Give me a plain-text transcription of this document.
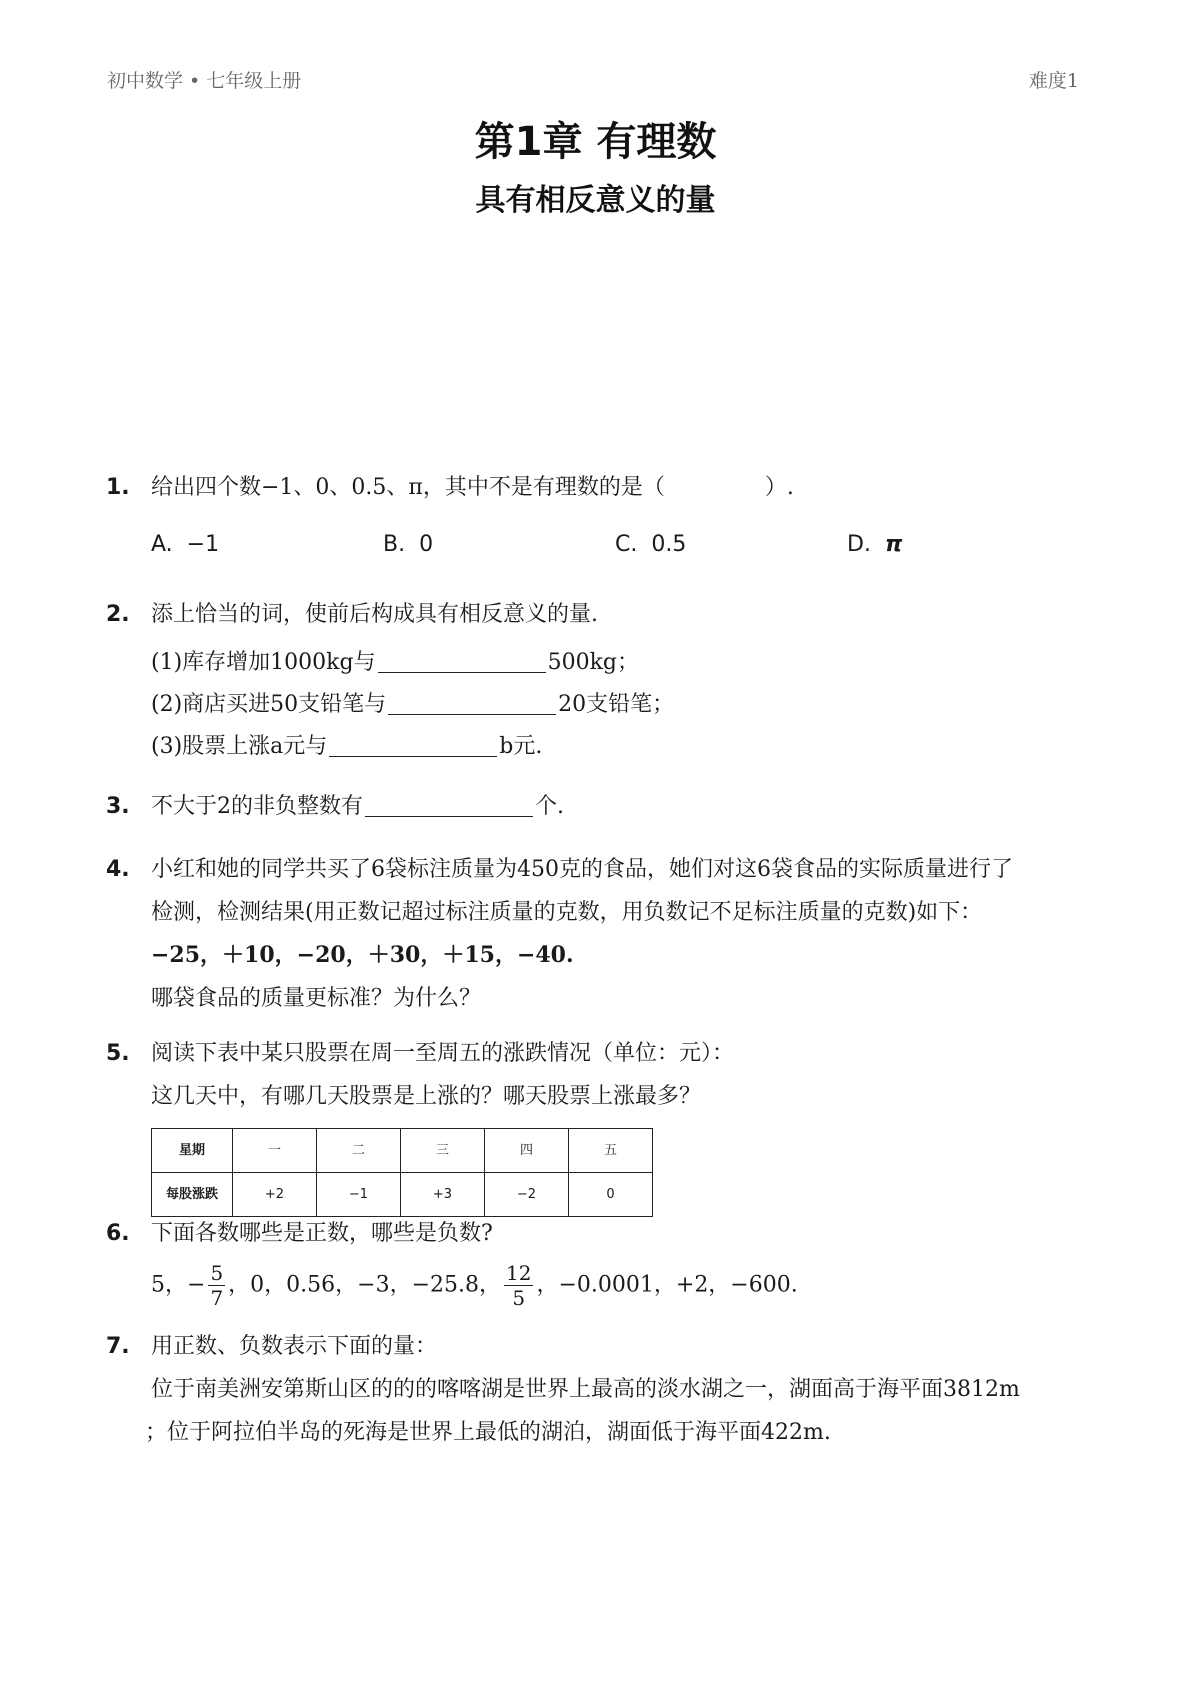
初中数学 • 七年级上册	难度1
第1章 有理数
具有相反意义的量
1. 给出四个数−1、0、0.5、π，其中不是有理数的是（	）.
A. −1	B. 0	C. 0.5	D. π
2. 添上恰当的词，使前后构成具有相反意义的量.
(1)库存增加1000kg与	500kg；
(2)商店买进50支铅笔与	20支铅笔；
(3)股票上涨a元与	b元.
3. 不大于2的非负整数有	个.
4. 小红和她的同学共买了6袋标注质量为450克的食品，她们对这6袋食品的实际质量进行了
检测，检测结果(用正数记超过标注质量的克数，用负数记不足标注质量的克数)如下：
−25，＋10，−20，＋30，＋15，−40.
哪袋食品的质量更标准？为什么？
5. 阅读下表中某只股票在周一至周五的涨跌情况（单位：元）：
这几天中，有哪几天股票是上涨的？哪天股票上涨最多？
星期	一	二	三	四	五
每股涨跌	+2	−1	+3	−2	0
6. 下面各数哪些是正数，哪些是负数?
5，− $\frac{5}{7}$ ，0，0.56，−3，−25.8， $\frac{12}{5}$ ，−0.0001，+2，−600.
7. 用正数、负数表示下面的量：
位于南美洲安第斯山区的的的喀喀湖是世界上最高的淡水湖之一，湖面高于海平面3812m
；位于阿拉伯半岛的死海是世界上最低的湖泊，湖面低于海平面422m.
